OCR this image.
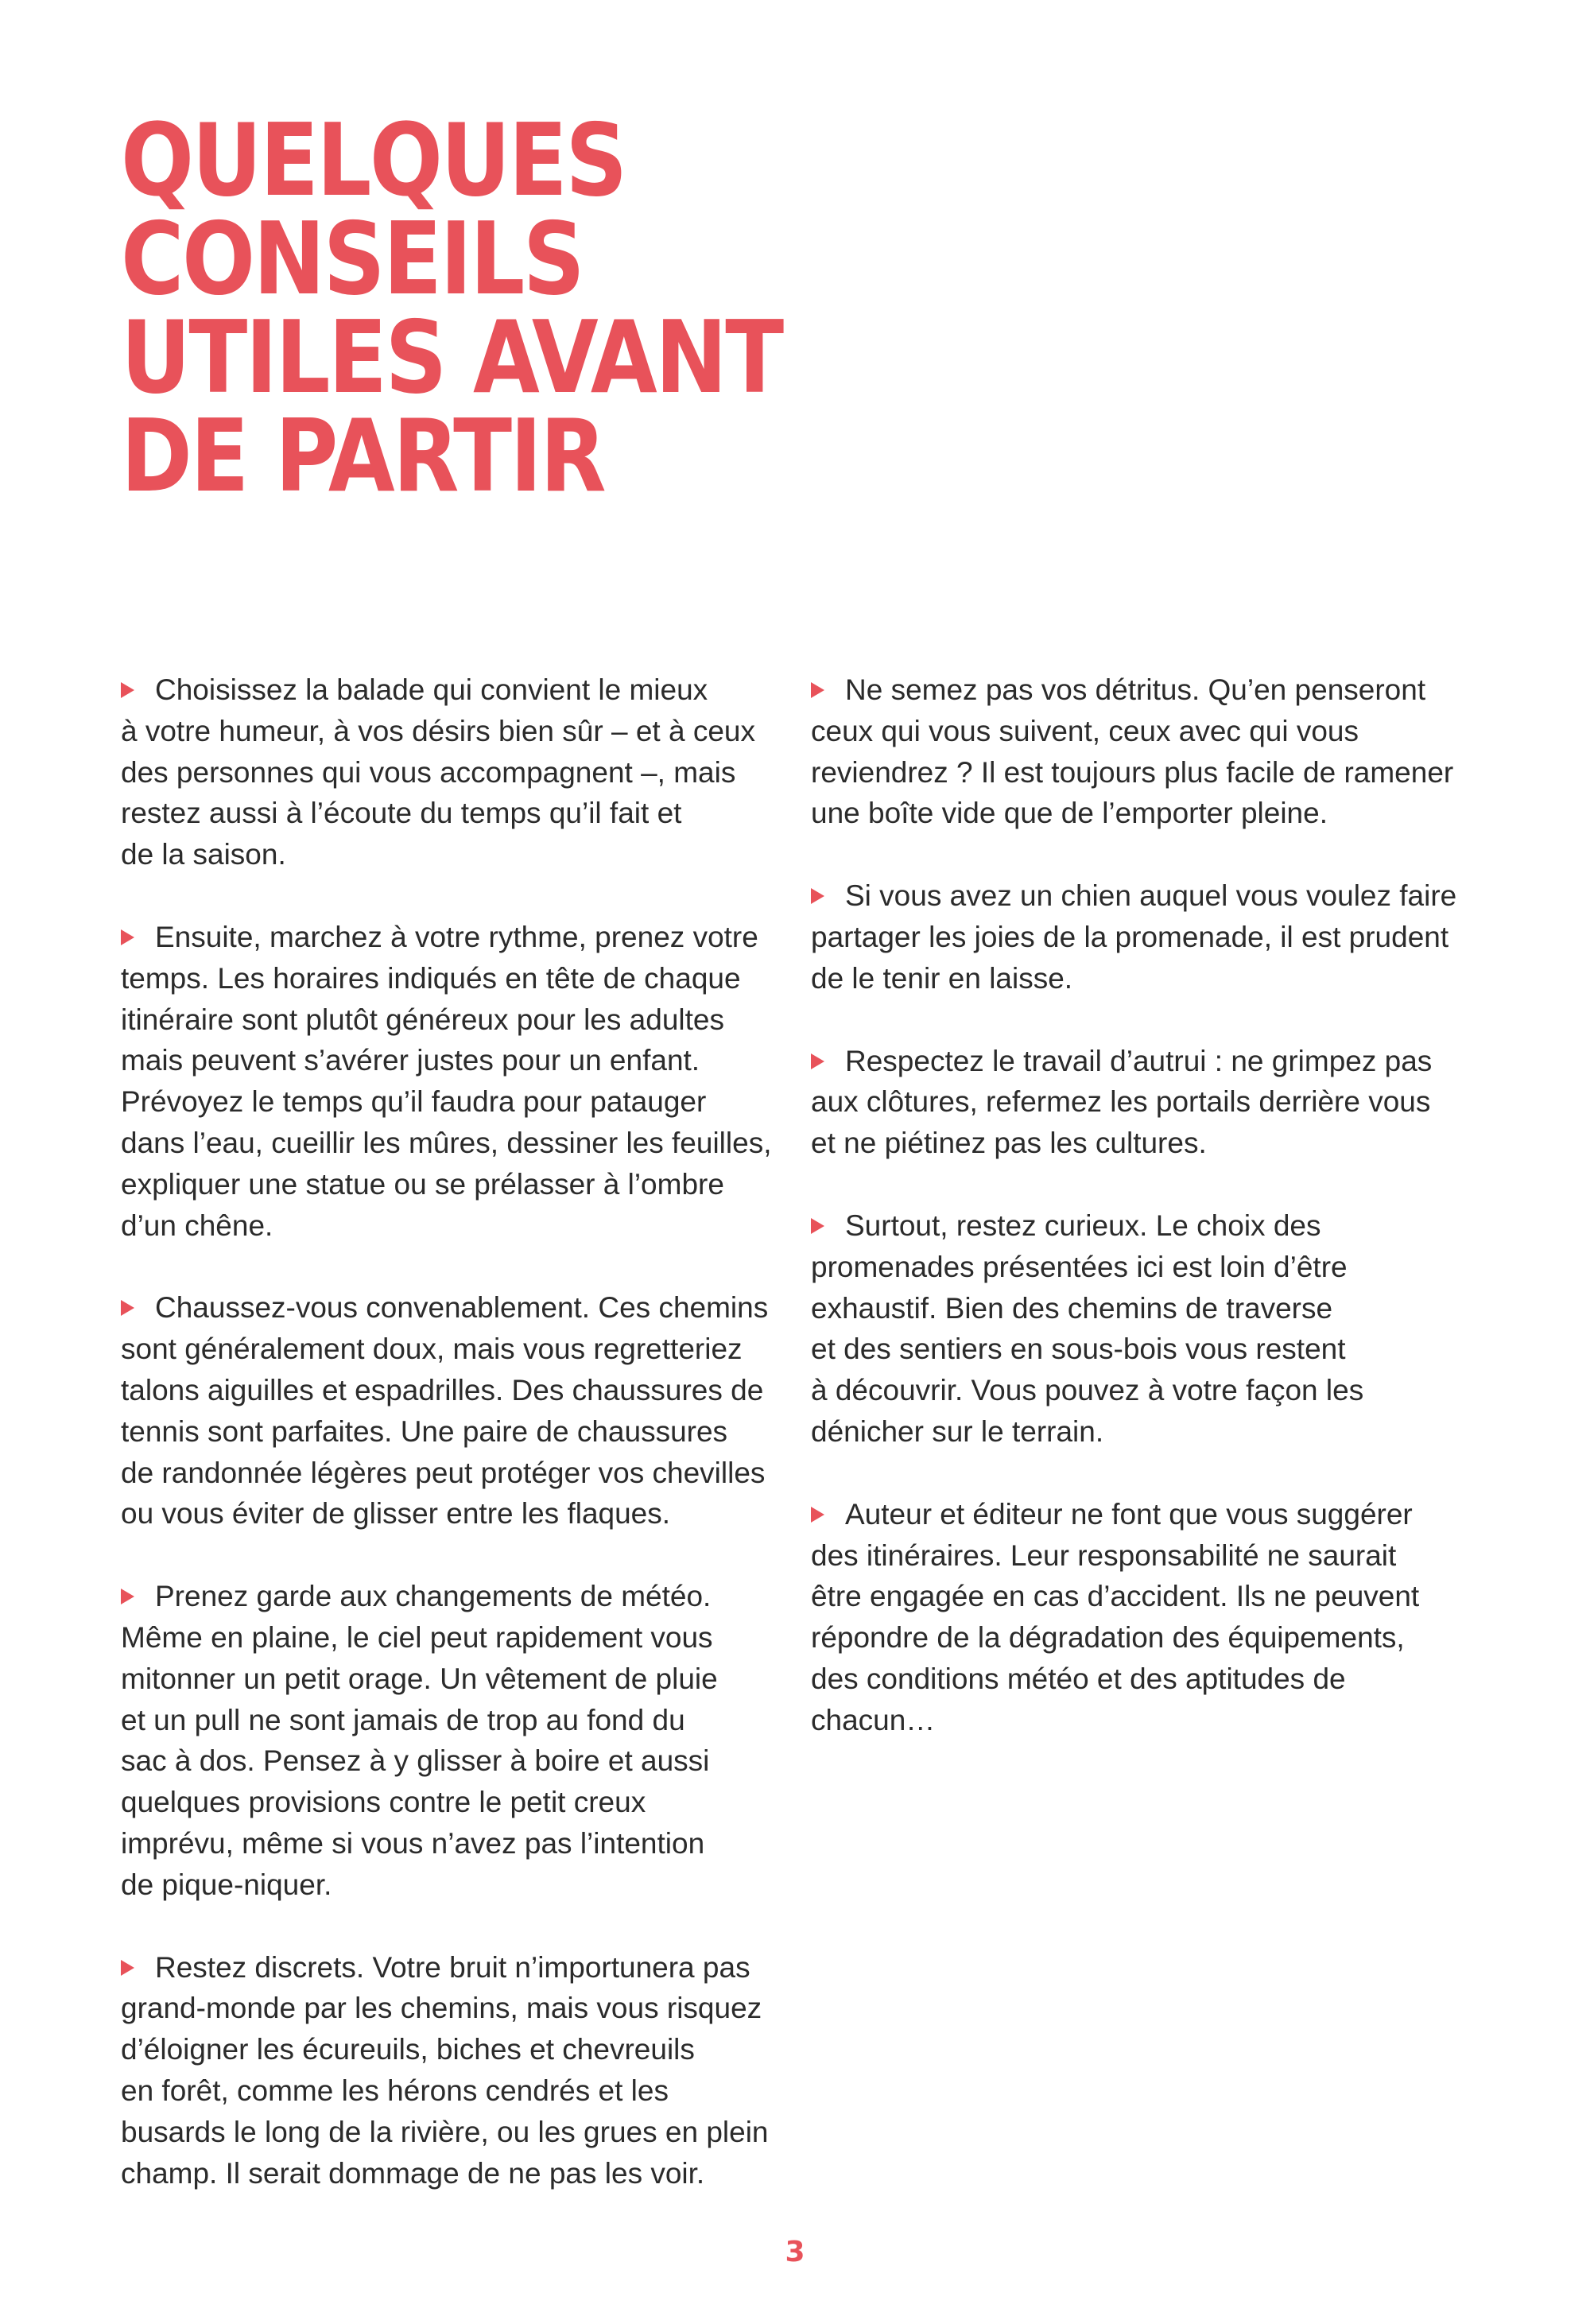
QUELQUES
CONSEILS
UTILES AVANT
DE PARTIR

Choisissez la balade qui convient le mieux
à votre humeur, à vos désirs bien sûr – et à ceux
des personnes qui vous accompagnent –, mais
restez aussi à l’écoute du temps qu’il fait et
de la saison.

Ensuite, marchez à votre rythme, prenez votre
temps. Les horaires indiqués en tête de chaque
itinéraire sont plutôt généreux pour les adultes
mais peuvent s’avérer justes pour un enfant.
Prévoyez le temps qu’il faudra pour patauger
dans l’eau, cueillir les mûres, dessiner les feuilles,
expliquer une statue ou se prélasser à l’ombre
d’un chêne.

Chaussez-vous convenablement. Ces chemins
sont généralement doux, mais vous regretteriez
talons aiguilles et espadrilles. Des chaussures de
tennis sont parfaites. Une paire de chaussures
de randonnée légères peut protéger vos chevilles
ou vous éviter de glisser entre les flaques.

Prenez garde aux changements de météo.
Même en plaine, le ciel peut rapidement vous
mitonner un petit orage. Un vêtement de pluie
et un pull ne sont jamais de trop au fond du
sac à dos. Pensez à y glisser à boire et aussi
quelques provisions contre le petit creux
imprévu, même si vous n’avez pas l’intention
de pique-niquer.

Restez discrets. Votre bruit n’importunera pas
grand-monde par les chemins, mais vous risquez
d’éloigner les écureuils, biches et chevreuils
en forêt, comme les hérons cendrés et les
busards le long de la rivière, ou les grues en plein
champ. Il serait dommage de ne pas les voir.

Ne semez pas vos détritus. Qu’en penseront
ceux qui vous suivent, ceux avec qui vous
reviendrez ? Il est toujours plus facile de ramener
une boîte vide que de l’emporter pleine.

Si vous avez un chien auquel vous voulez faire
partager les joies de la promenade, il est prudent
de le tenir en laisse.

Respectez le travail d’autrui : ne grimpez pas
aux clôtures, refermez les portails derrière vous
et ne piétinez pas les cultures.

Surtout, restez curieux. Le choix des
promenades présentées ici est loin d’être
exhaustif. Bien des chemins de traverse
et des sentiers en sous-bois vous restent
à découvrir. Vous pouvez à votre façon les
dénicher sur le terrain.

Auteur et éditeur ne font que vous suggérer
des itinéraires. Leur responsabilité ne saurait
être engagée en cas d’accident. Ils ne peuvent
répondre de la dégradation des équipements,
des conditions météo et des aptitudes de
chacun…

3
